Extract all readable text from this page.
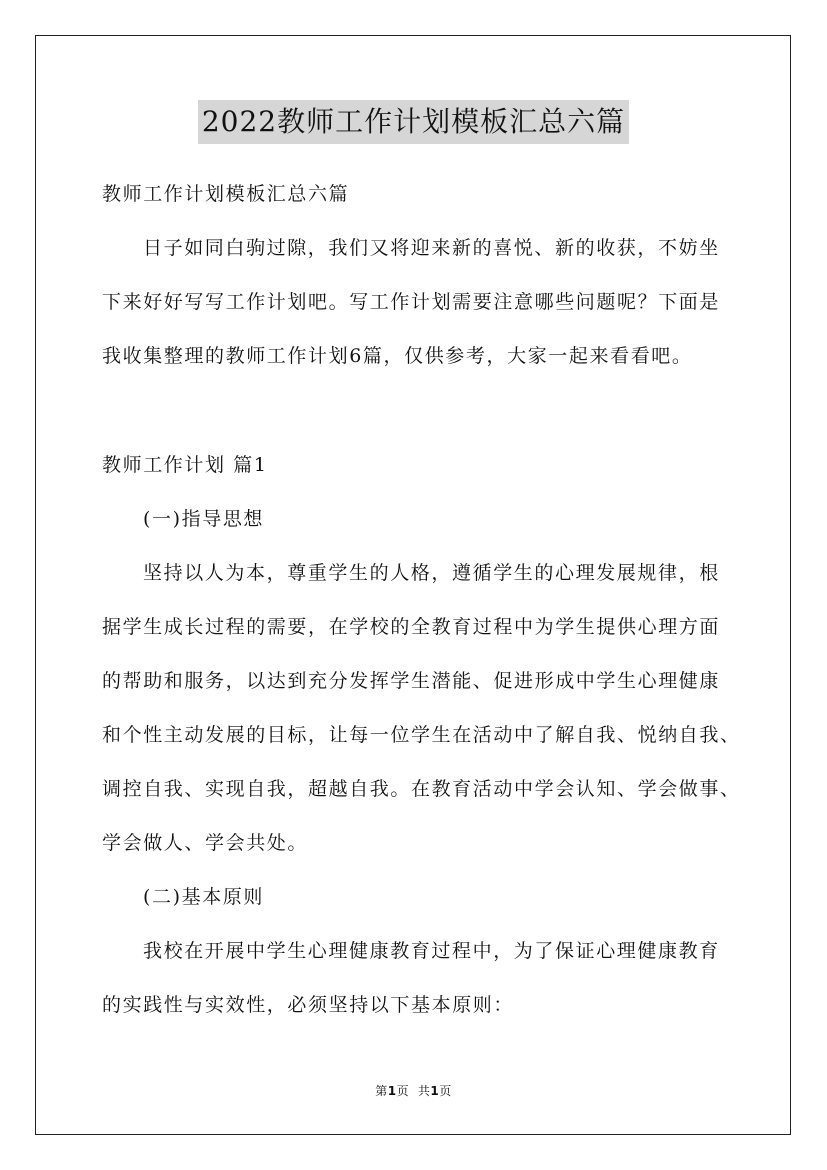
2022教师工作计划模板汇总六篇
教师工作计划模板汇总六篇
日子如同白驹过隙，我们又将迎来新的喜悦、新的收获，不妨坐
下来好好写写工作计划吧。写工作计划需要注意哪些问题呢？下面是
我收集整理的教师工作计划6篇，仅供参考，大家一起来看看吧。
教师工作计划 篇1
(一)指导思想
坚持以人为本，尊重学生的人格，遵循学生的心理发展规律，根
据学生成长过程的需要，在学校的全教育过程中为学生提供心理方面
的帮助和服务，以达到充分发挥学生潜能、促进形成中学生心理健康
和个性主动发展的目标，让每一位学生在活动中了解自我、悦纳自我、
调控自我、实现自我，超越自我。在教育活动中学会认知、学会做事、
学会做人、学会共处。
(二)基本原则
我校在开展中学生心理健康教育过程中，为了保证心理健康教育
的实践性与实效性，必须坚持以下基本原则：
第1页 共1页
